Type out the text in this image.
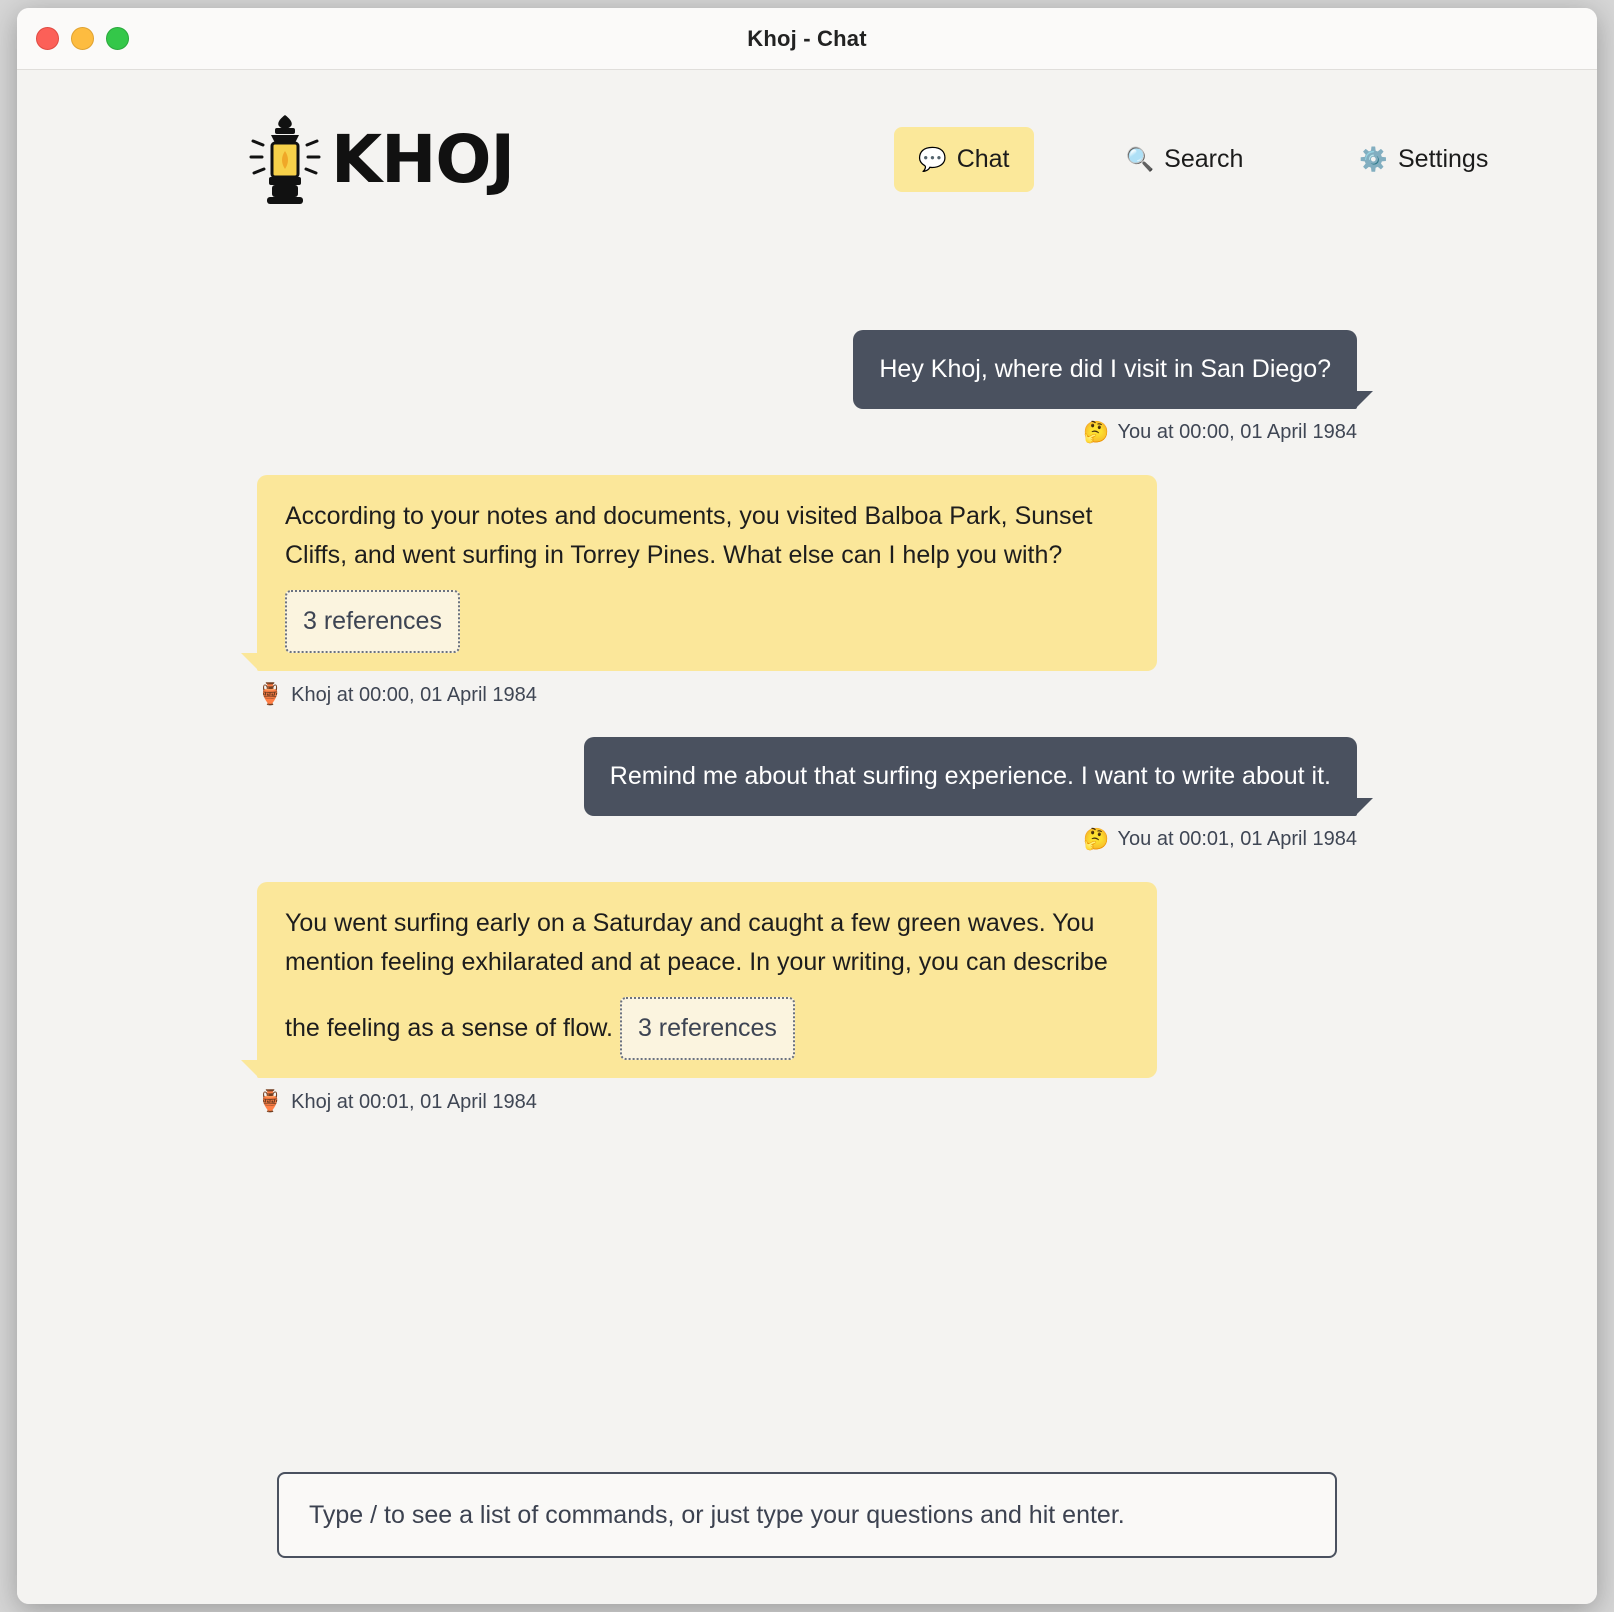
Khoj - Chat
KHOJ	💬 Chat	🔍 Search	⚙️ Settings
Hey Khoj, where did I visit in San Diego?
🤔 You at 00:00, 01 April 1984
According to your notes and documents, you visited Balboa Park, Sunset Cliffs, and went surfing in Torrey Pines. What else can I help you with? 3 references
🏺 Khoj at 00:00, 01 April 1984
Remind me about that surfing experience. I want to write about it.
🤔 You at 00:01, 01 April 1984
You went surfing early on a Saturday and caught a few green waves. You mention feeling exhilarated and at peace. In your writing, you can describe the feeling as a sense of flow. 3 references
🏺 Khoj at 00:01, 01 April 1984
Type / to see a list of commands, or just type your questions and hit enter.
